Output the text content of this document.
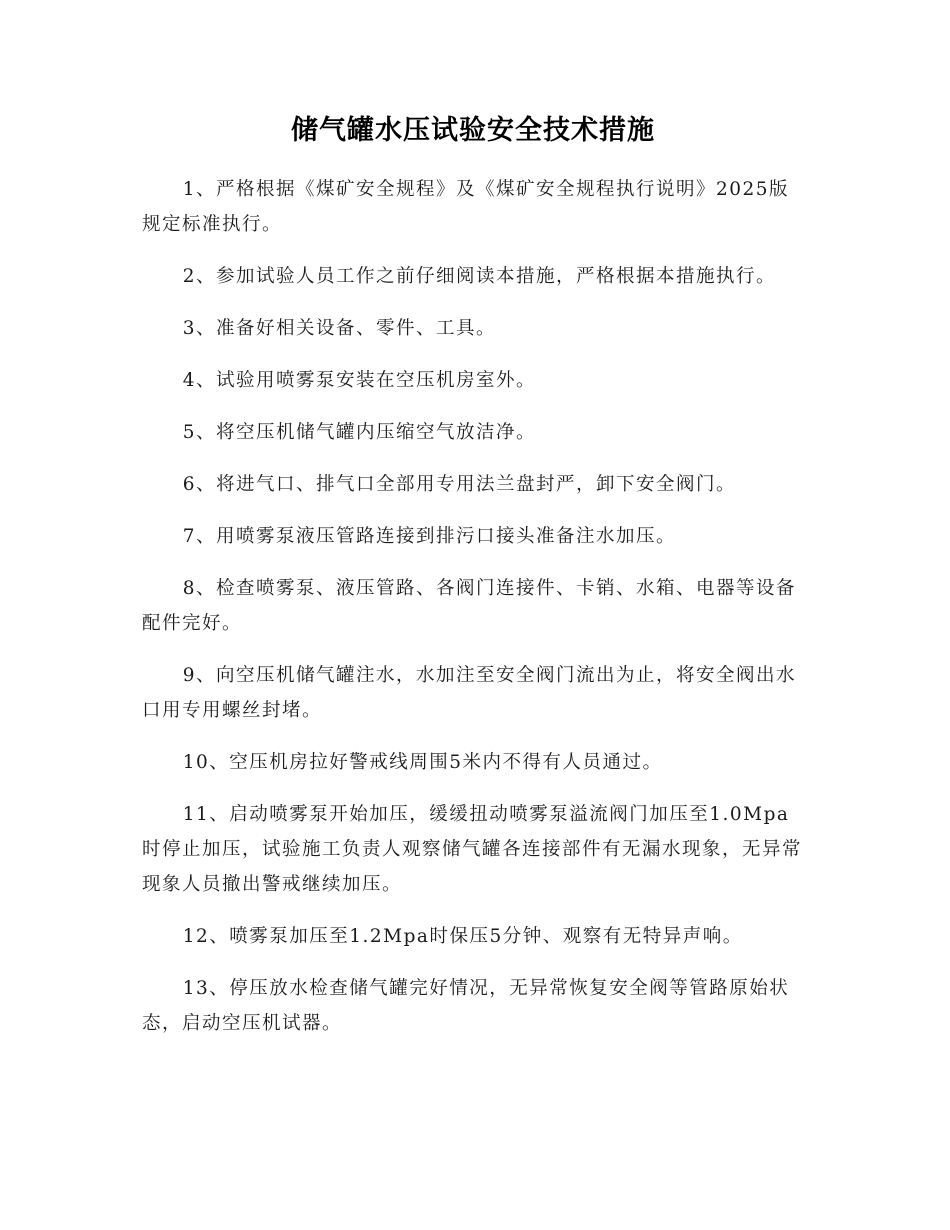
储气罐水压试验安全技术措施

1、严格根据《煤矿安全规程》及《煤矿安全规程执行说明》2025版规定标准执行。

2、参加试验人员工作之前仔细阅读本措施，严格根据本措施执行。

3、准备好相关设备、零件、工具。

4、试验用喷雾泵安装在空压机房室外。

5、将空压机储气罐内压缩空气放洁净。

6、将进气口、排气口全部用专用法兰盘封严，卸下安全阀门。

7、用喷雾泵液压管路连接到排污口接头准备注水加压。

8、检查喷雾泵、液压管路、各阀门连接件、卡销、水箱、电器等设备配件完好。

9、向空压机储气罐注水，水加注至安全阀门流出为止，将安全阀出水口用专用螺丝封堵。

10、空压机房拉好警戒线周围5米内不得有人员通过。

11、启动喷雾泵开始加压，缓缓扭动喷雾泵溢流阀门加压至1.0Mpa时停止加压，试验施工负责人观察储气罐各连接部件有无漏水现象，无异常现象人员撤出警戒继续加压。

12、喷雾泵加压至1.2Mpa时保压5分钟、观察有无特异声响。

13、停压放水检查储气罐完好情况，无异常恢复安全阀等管路原始状态，启动空压机试器。
